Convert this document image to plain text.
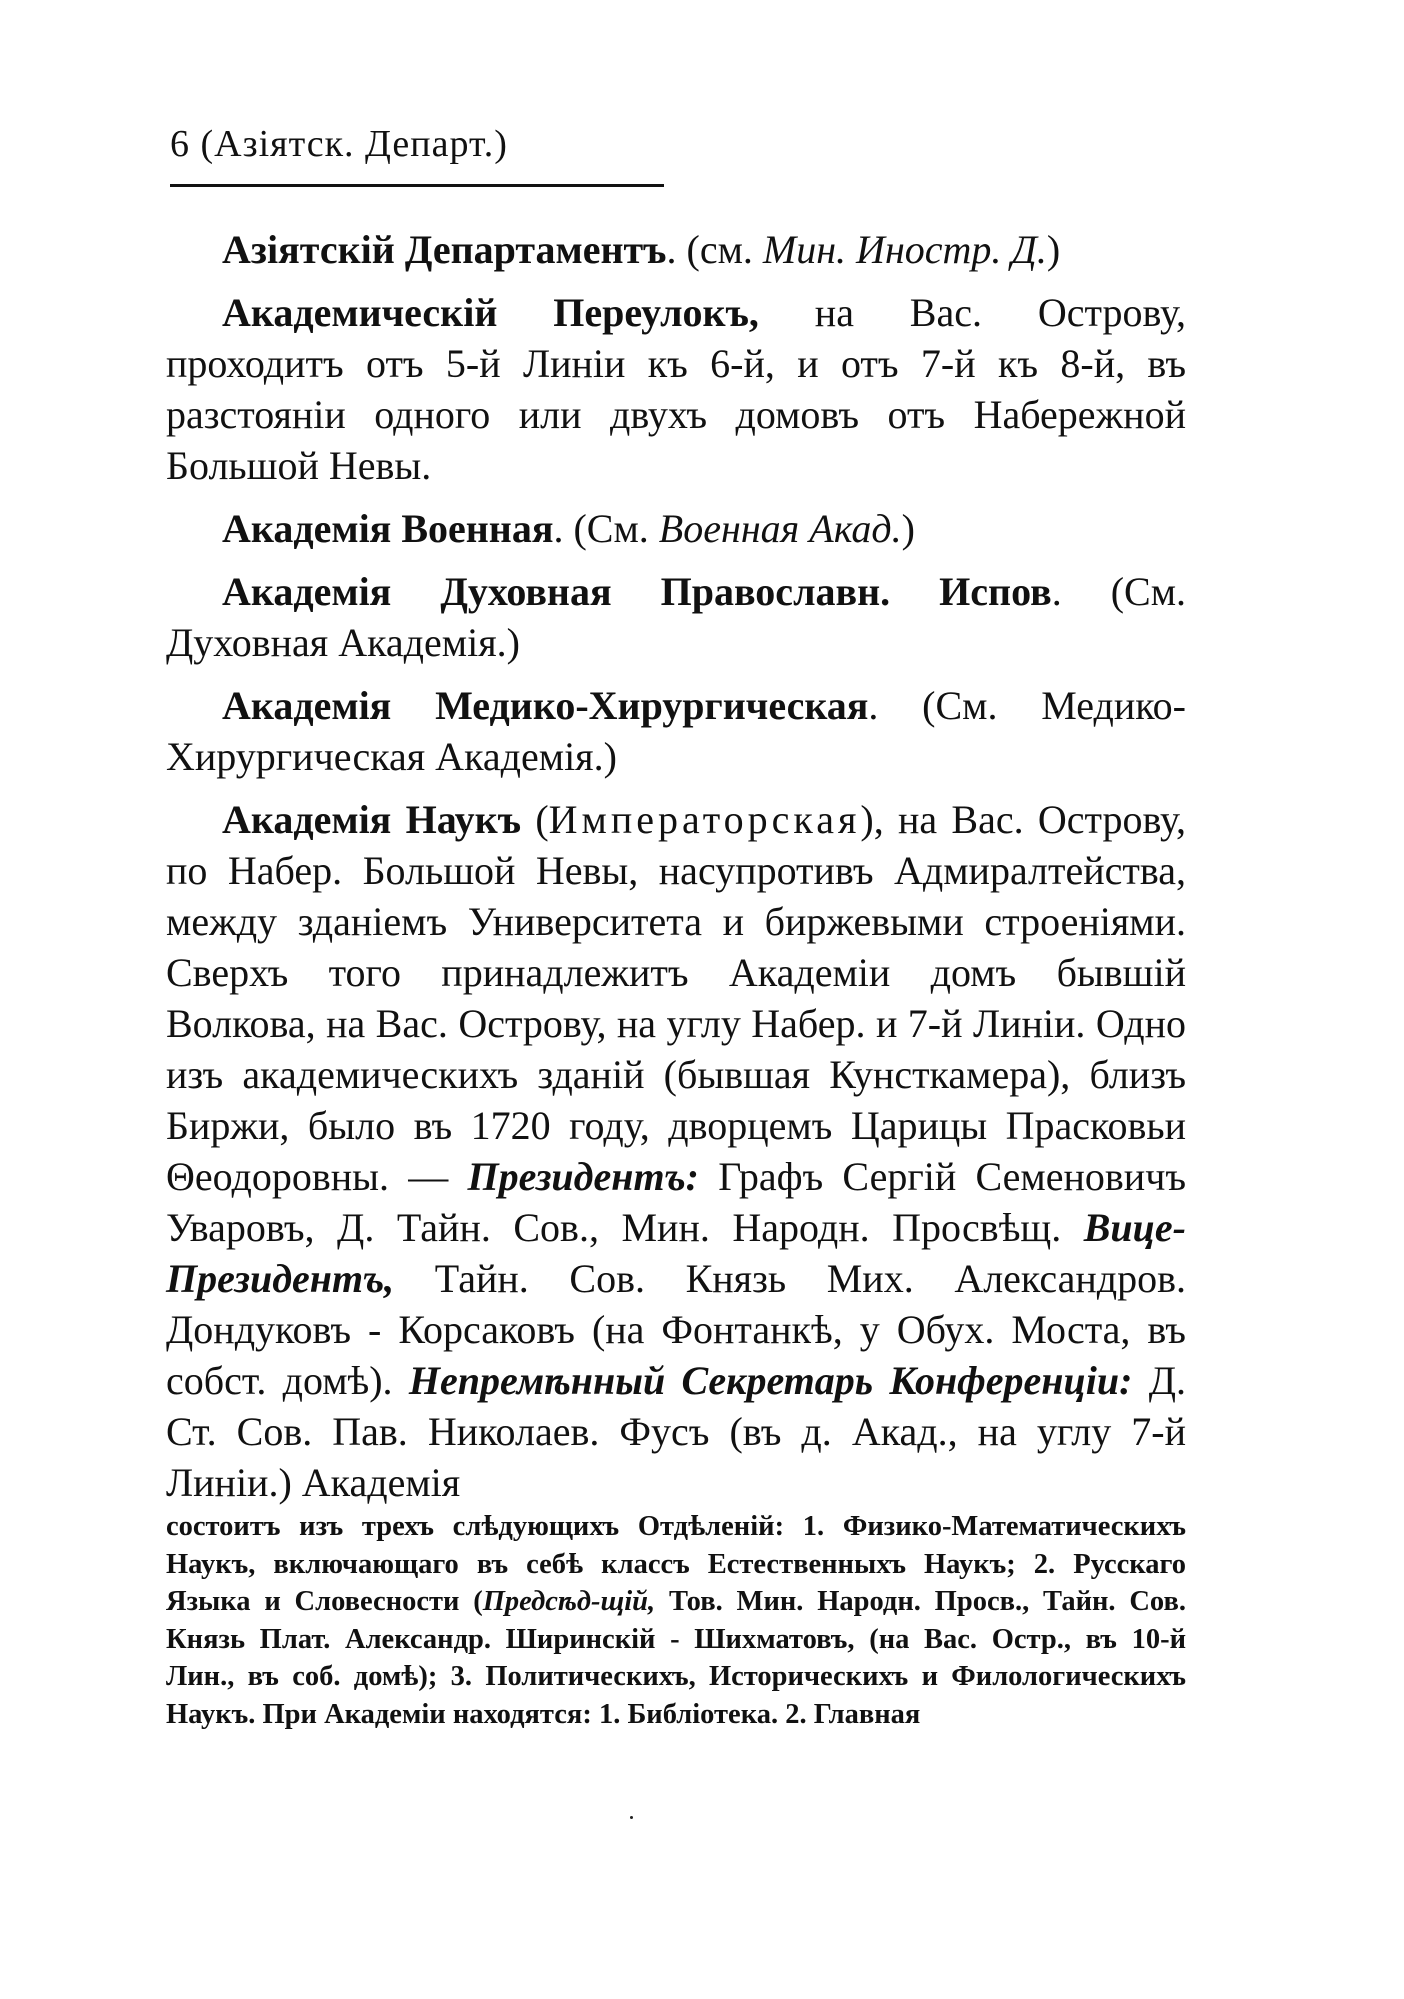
6 (Азiятск. Департ.)

Азiятскiй Департаментъ. (см. Мин. Иностр. Д.)

Академическiй Переулокъ, на Вас. Острову, проходитъ отъ 5-й Линiи къ 6-й, и отъ 7-й къ 8-й, въ разстоянiи одного или двухъ домовъ отъ Набережной Большой Невы.

Академiя Военная. (См. Военная Акад.)

Академiя Духовная Православн. Испов. (См. Духовная Академiя.)

Академiя Медико-Хирургическая. (См. Медико-Хирургическая Академiя.)

Академiя Наукъ (Императорская), на Вас. Острову, по Набер. Большой Невы, насупротивъ Адмиралтейства, между зданiемъ Университета и биржевыми строенiями. Сверхъ того принадлежитъ Академiи домъ бывшiй Волкова, на Вас. Острову, на углу Набер. и 7-й Линiи. Одно изъ академическихъ зданiй (бывшая Кунсткамера), близъ Биржи, было въ 1720 году, дворцемъ Царицы Прасковьи Θеодоровны. — Президентъ: Графъ Сергiй Семеновичъ Уваровъ, Д. Тайн. Сов., Мин. Народн. Просвѣщ. Вице-Президентъ, Тайн. Сов. Князь Мих. Александров. Дондуковъ - Корсаковъ (на Фонтанкѣ, у Обух. Моста, въ собст. домѣ). Непремѣнный Секретарь Конференцiи: Д. Ст. Сов. Пав. Николаев. Фусъ (въ д. Акад., на углу 7-й Линiи.) Академiя

состоитъ изъ трехъ слѣдующихъ Отдѣленiй: 1. Физико-Математическихъ Наукъ, включающаго въ себѣ классъ Естественныхъ Наукъ; 2. Русскаго Языка и Словесности (Предсѣд-щiй, Тов. Мин. Народн. Просв., Тайн. Сов. Князь Плат. Александр. Ширинскiй - Шихматовъ, (на Вас. Остр., въ 10-й Лин., въ соб. домѣ); 3. Политическихъ, Историческихъ и Филологическихъ Наукъ. При Академiи находятся: 1. Библiотека. 2. Главная
